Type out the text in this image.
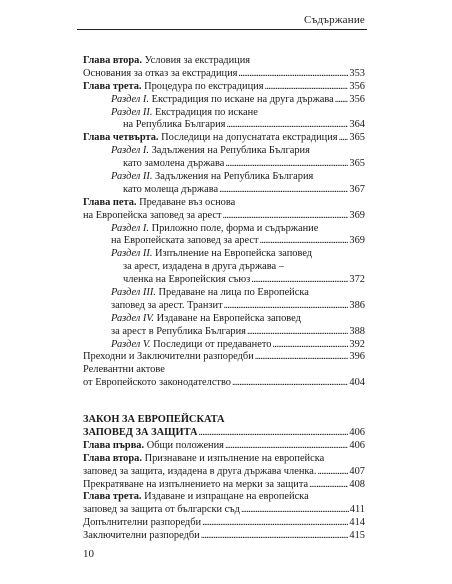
Съдържание
Глава втора. Условия за екстрадиция
Основания за отказ за екстрадиция . . .	353
Глава трета. Процедура по екстрадиция . . .	356
Раздел I. Екстрадиция по искане на друга държава . . . 356
Раздел II. Екстрадиция по искане
на Република България . . .	364
Глава четвърта. Последици на допуснатата екстрадиция . . . 365
Раздел I. Задължения на Република България
като замолена държава . . .	365
Раздел II. Задължения на Република България
като молеща държава . . .	367
Глава пета. Предаване въз основа
на Европейска заповед за арест . . .	369
Раздел I. Приложно поле, форма и съдържание
на Европейската заповед за арест . . .	369
Раздел II. Изпълнение на Европейска заповед
за арест, издадена в друга държава –
членка на Европейския съюз . . .	372
Раздел III. Предаване на лица по Европейска
заповед за арест. Транзит . . .	386
Раздел IV. Издаване на Европейска заповед
за арест в Република България . . .	388
Раздел V. Последици от предаването . . .	392
Преходни и Заключителни разпоредби . . .	396
Релевантни актове
от Европейското законодателство . . .	404
ЗАКОН ЗА ЕВРОПЕЙСКАТА
ЗАПОВЕД ЗА ЗАЩИТА . . .	406
Глава първа. Общи положения . . .	406
Глава втора. Признаване и изпълнение на европейска
заповед за защита, издадена в друга държава членка. . . .	407
Прекратяване на изпълнението на мерки за защита . . .	408
Глава трета. Издаване и изпращане на европейска
заповед за защита от български съд . . .	411
Допълнителни разпоредби . . .	414
Заключителни разпоредби . . .	415
10
